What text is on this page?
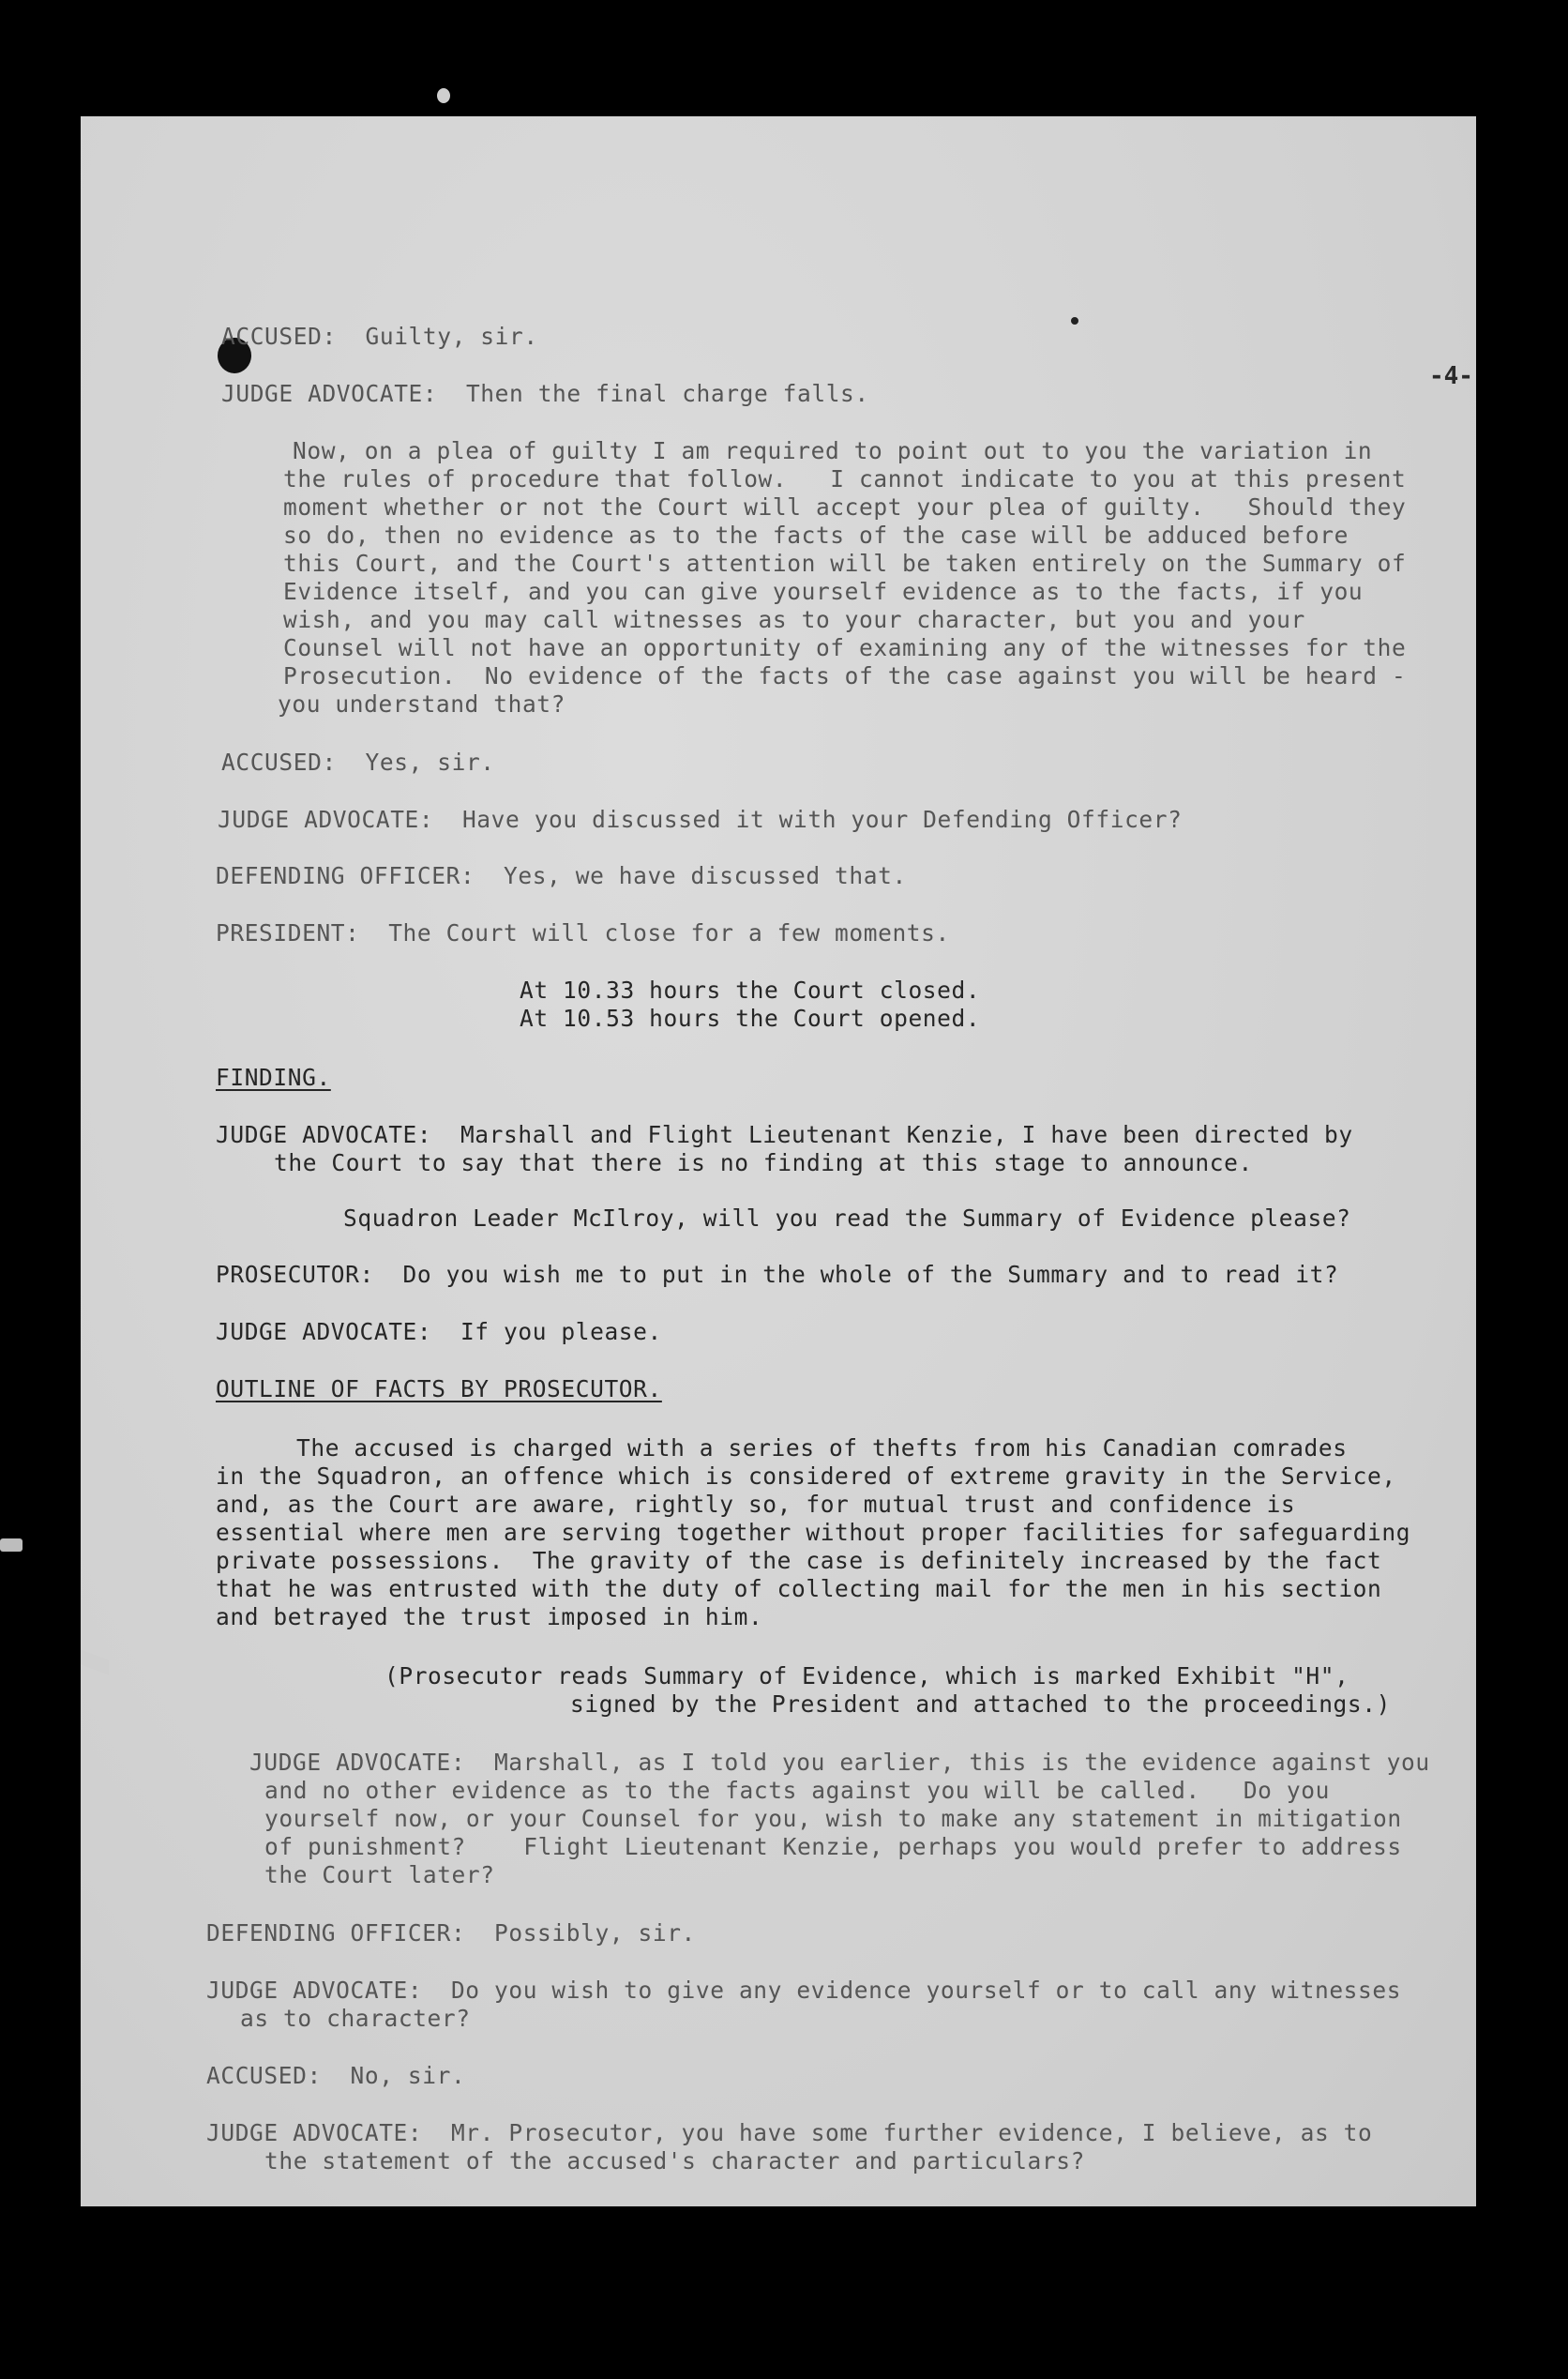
-4-
ACCUSED:  Guilty, sir.
JUDGE ADVOCATE:  Then the final charge falls.
Now, on a plea of guilty I am required to point out to you the variation in
the rules of procedure that follow.   I cannot indicate to you at this present
moment whether or not the Court will accept your plea of guilty.   Should they
so do, then no evidence as to the facts of the case will be adduced before
this Court, and the Court's attention will be taken entirely on the Summary of
Evidence itself, and you can give yourself evidence as to the facts, if you
wish, and you may call witnesses as to your character, but you and your
Counsel will not have an opportunity of examining any of the witnesses for the
Prosecution.  No evidence of the facts of the case against you will be heard -
you understand that?
ACCUSED:  Yes, sir.
JUDGE ADVOCATE:  Have you discussed it with your Defending Officer?
DEFENDING OFFICER:  Yes, we have discussed that.
PRESIDENT:  The Court will close for a few moments.
At 10.33 hours the Court closed.
At 10.53 hours the Court opened.
FINDING.
JUDGE ADVOCATE:  Marshall and Flight Lieutenant Kenzie, I have been directed by
the Court to say that there is no finding at this stage to announce.
Squadron Leader McIlroy, will you read the Summary of Evidence please?
PROSECUTOR:  Do you wish me to put in the whole of the Summary and to read it?
JUDGE ADVOCATE:  If you please.
OUTLINE OF FACTS BY PROSECUTOR.
The accused is charged with a series of thefts from his Canadian comrades
in the Squadron, an offence which is considered of extreme gravity in the Service,
and, as the Court are aware, rightly so, for mutual trust and confidence is
essential where men are serving together without proper facilities for safeguarding
private possessions.  The gravity of the case is definitely increased by the fact
that he was entrusted with the duty of collecting mail for the men in his section
and betrayed the trust imposed in him.
(Prosecutor reads Summary of Evidence, which is marked Exhibit "H",
signed by the President and attached to the proceedings.)
JUDGE ADVOCATE:  Marshall, as I told you earlier, this is the evidence against you
and no other evidence as to the facts against you will be called.   Do you
yourself now, or your Counsel for you, wish to make any statement in mitigation
of punishment?    Flight Lieutenant Kenzie, perhaps you would prefer to address
the Court later?
DEFENDING OFFICER:  Possibly, sir.
JUDGE ADVOCATE:  Do you wish to give any evidence yourself or to call any witnesses
as to character?
ACCUSED:  No, sir.
JUDGE ADVOCATE:  Mr. Prosecutor, you have some further evidence, I believe, as to
the statement of the accused's character and particulars?
